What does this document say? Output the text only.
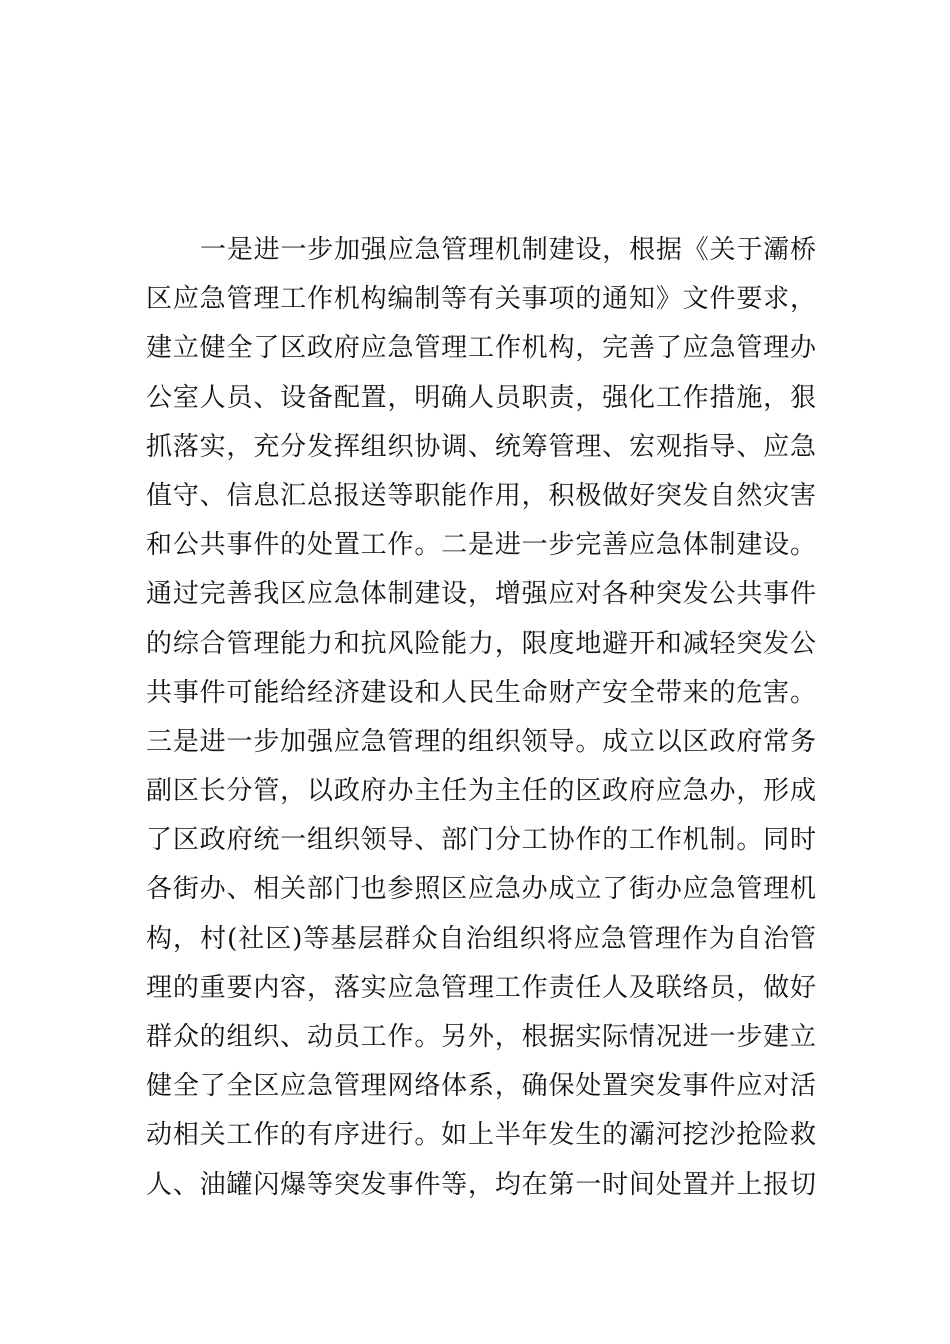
一是进一步加强应急管理机制建设，根据《关于灞桥
区应急管理工作机构编制等有关事项的通知》文件要求，
建立健全了区政府应急管理工作机构，完善了应急管理办
公室人员、设备配置，明确人员职责，强化工作措施，狠
抓落实，充分发挥组织协调、统筹管理、宏观指导、应急
值守、信息汇总报送等职能作用，积极做好突发自然灾害
和公共事件的处置工作。二是进一步完善应急体制建设。
通过完善我区应急体制建设，增强应对各种突发公共事件
的综合管理能力和抗风险能力，限度地避开和减轻突发公
共事件可能给经济建设和人民生命财产安全带来的危害。
三是进一步加强应急管理的组织领导。成立以区政府常务
副区长分管，以政府办主任为主任的区政府应急办，形成
了区政府统一组织领导、部门分工协作的工作机制。同时
各街办、相关部门也参照区应急办成立了街办应急管理机
构，村(社区)等基层群众自治组织将应急管理作为自治管
理的重要内容，落实应急管理工作责任人及联络员，做好
群众的组织、动员工作。另外，根据实际情况进一步建立
健全了全区应急管理网络体系，确保处置突发事件应对活
动相关工作的有序进行。如上半年发生的灞河挖沙抢险救
人、油罐闪爆等突发事件等，均在第一时间处置并上报切
